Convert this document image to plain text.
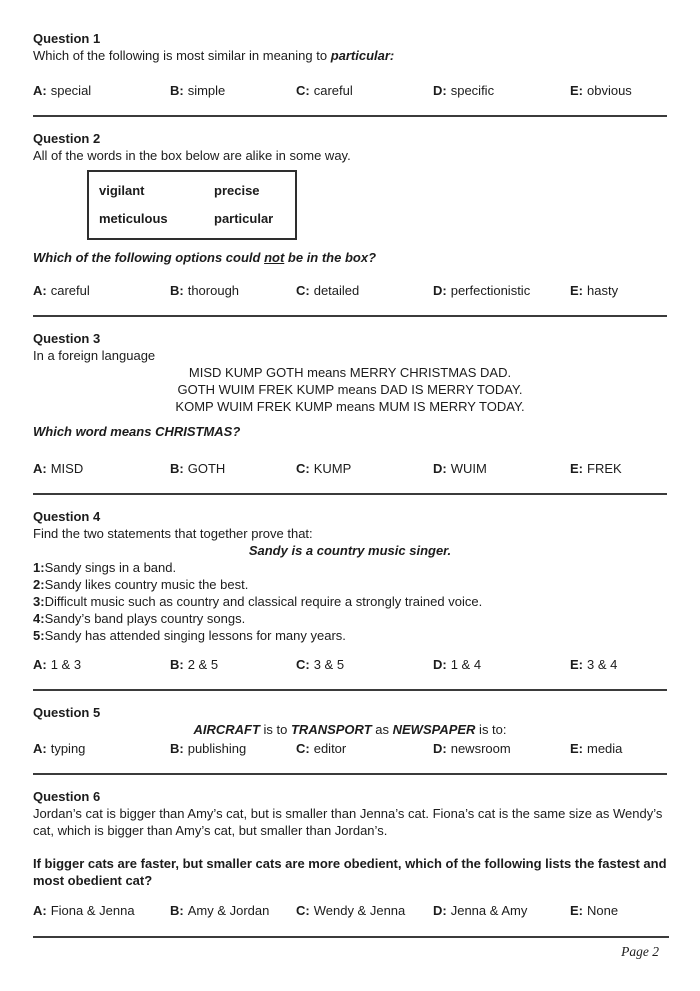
Question 1
Which of the following is most similar in meaning to particular:
A: special	B: simple	C: careful	D: specific	E: obvious
Question 2
All of the words in the box below are alike in some way.
vigilant	precise
meticulous	particular
Which of the following options could not be in the box?
A: careful	B: thorough	C: detailed	D: perfectionistic	E: hasty
Question 3
In a foreign language
MISD KUMP GOTH means MERRY CHRISTMAS DAD.
GOTH WUIM FREK KUMP means DAD IS MERRY TODAY.
KOMP WUIM FREK KUMP means MUM IS MERRY TODAY.
Which word means CHRISTMAS?
A: MISD	B: GOTH	C: KUMP	D: WUIM	E: FREK
Question 4
Find the two statements that together prove that:
Sandy is a country music singer.
1:Sandy sings in a band.
2:Sandy likes country music the best.
3:Difficult music such as country and classical require a strongly trained voice.
4:Sandy’s band plays country songs.
5:Sandy has attended singing lessons for many years.
A: 1 & 3	B: 2 & 5	C: 3 & 5	D: 1 & 4	E: 3 & 4
Question 5
AIRCRAFT is to TRANSPORT as NEWSPAPER is to:
A: typing	B: publishing	C: editor	D: newsroom	E: media
Question 6
Jordan’s cat is bigger than Amy’s cat, but is smaller than Jenna’s cat. Fiona’s cat is the same size as Wendy’s cat, which is bigger than Amy’s cat, but smaller than Jordan’s.
If bigger cats are faster, but smaller cats are more obedient, which of the following lists the fastest and most obedient cat?
A: Fiona & Jenna	B: Amy & Jordan	C: Wendy & Jenna	D: Jenna & Amy	E: None
Page 2
